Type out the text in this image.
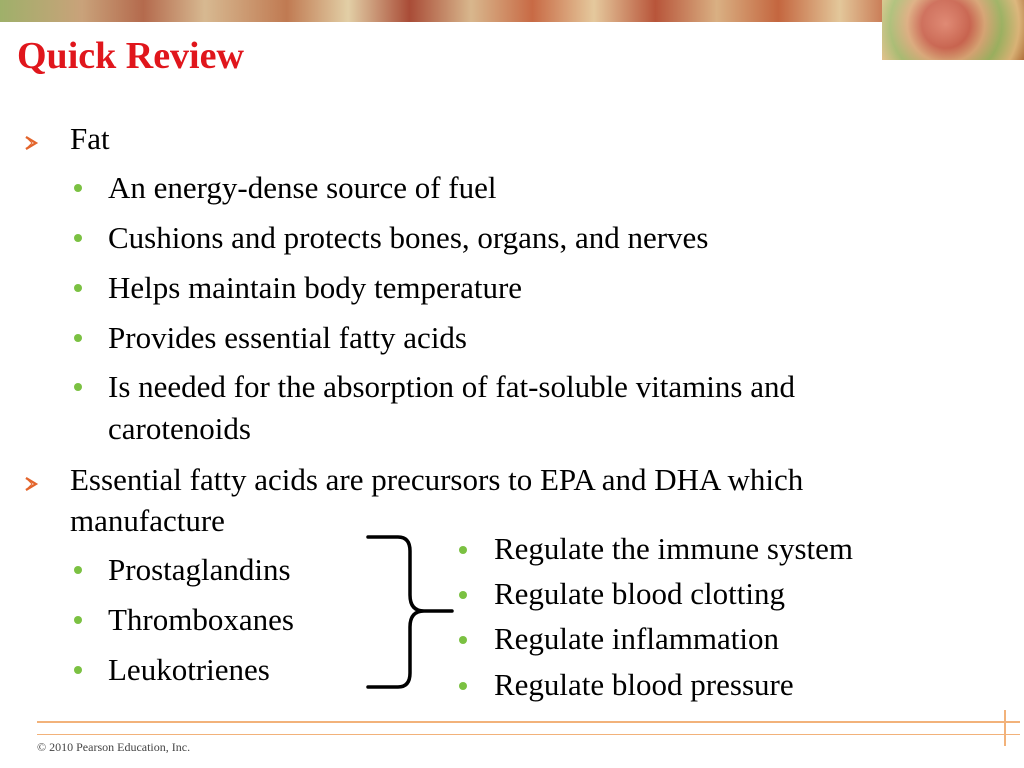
Quick Review
Fat
An energy-dense source of fuel
Cushions and protects bones, organs, and nerves
Helps maintain body temperature
Provides essential fatty acids
Is needed for the absorption of fat-soluble vitamins and
carotenoids
Essential fatty acids are precursors to EPA and DHA which
manufacture
Prostaglandins
Thromboxanes
Leukotrienes
Regulate the immune system
Regulate blood clotting
Regulate inflammation
Regulate blood pressure
© 2010 Pearson Education, Inc.
